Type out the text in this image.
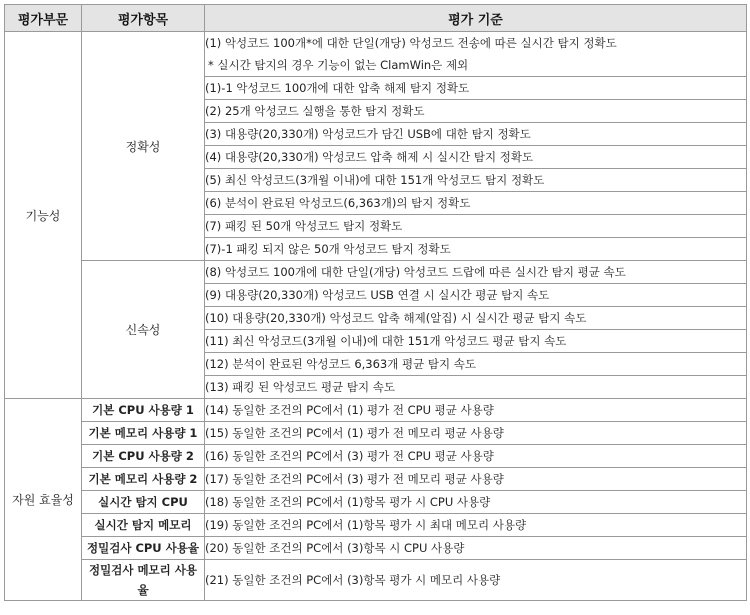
평가부문	평가항목	평가 기준
기능성	정확성	(1) 악성코드 100개*에 대한 단일(개당) 악성코드 전송에 따른 실시간 탐지 정확도
* 실시간 탐지의 경우 기능이 없는 ClamWin은 제외

		(1)-1 악성코드 100개에 대한 압축 해제 탐지 정확도
		(2) 25개 악성코드 실행을 통한 탐지 정확도
		(3) 대용량(20,330개) 악성코드가 담긴 USB에 대한 탐지 정확도
		(4) 대용량(20,330개) 악성코드 압축 해제 시 실시간 탐지 정확도
		(5) 최신 악성코드(3개월 이내)에 대한 151개 악성코드 탐지 정확도
		(6) 분석이 완료된 악성코드(6,363개)의 탐지 정확도
		(7) 패킹 된 50개 악성코드 탐지 정확도
		(7)-1 패킹 되지 않은 50개 악성코드 탐지 정확도
	신속성	(8) 악성코드 100개에 대한 단일(개당) 악성코드 드랍에 따른 실시간 탐지 평균 속도
		(9) 대용량(20,330개) 악성코드 USB 연결 시 실시간 평균 탐지 속도
		(10) 대용량(20,330개) 악성코드 압축 해제(알집) 시 실시간 평균 탐지 속도
		(11) 최신 악성코드(3개월 이내)에 대한 151개 악성코드 평균 탐지 속도
		(12) 분석이 완료된 악성코드 6,363개 평균 탐지 속도
		(13) 패킹 된 악성코드 평균 탐지 속도
자원 효율성	기본 CPU 사용량 1	(14) 동일한 조건의 PC에서 (1) 평가 전 CPU 평균 사용량
	기본 메모리 사용량 1	(15) 동일한 조건의 PC에서 (1) 평가 전 메모리 평균 사용량
	기본 CPU 사용량 2	(16) 동일한 조건의 PC에서 (3) 평가 전 CPU 평균 사용량
	기본 메모리 사용량 2	(17) 동일한 조건의 PC에서 (3) 평가 전 메모리 평균 사용량
	실시간 탐지 CPU	(18) 동일한 조건의 PC에서 (1)항목 평가 시 CPU 사용량
	실시간 탐지 메모리	(19) 동일한 조건의 PC에서 (1)항목 평가 시 최대 메모리 사용량
	정밀검사 CPU 사용율	(20) 동일한 조건의 PC에서 (3)항목 시 CPU 사용량
	정밀검사 메모리 사용율	(21) 동일한 조건의 PC에서 (3)항목 평가 시 메모리 사용량
